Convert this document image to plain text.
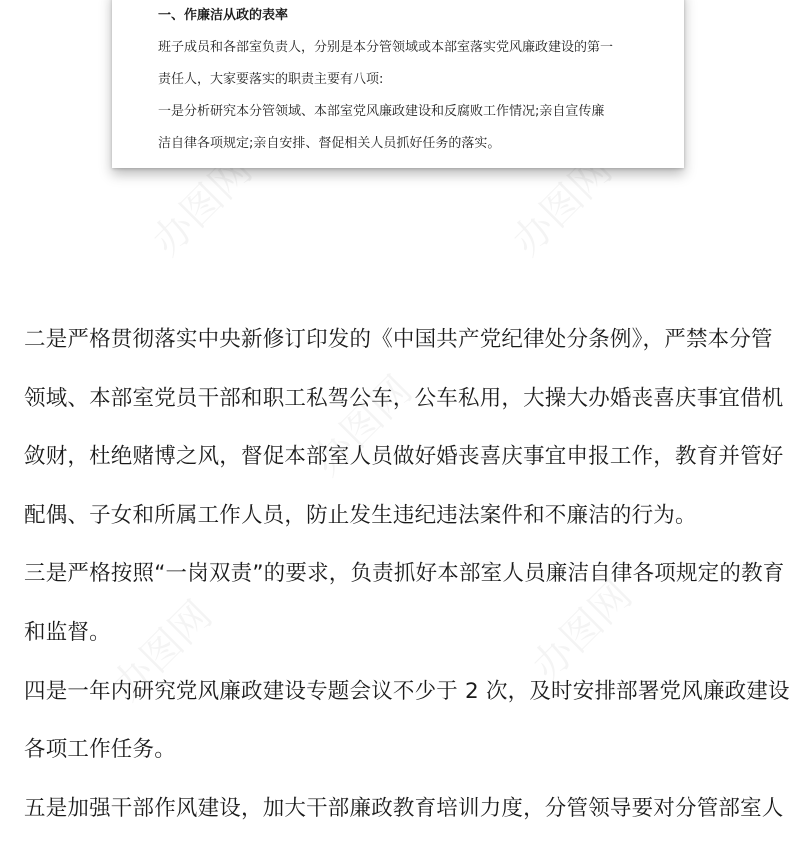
一、作廉洁从政的表率
班子成员和各部室负责人，分别是本分管领域或本部室落实党风廉政建设的第一
责任人，大家要落实的职责主要有八项:
一是分析研究本分管领域、本部室党风廉政建设和反腐败工作情况;亲自宣传廉
洁自律各项规定;亲自安排、督促相关人员抓好任务的落实。
二是严格贯彻落实中央新修订印发的《中国共产党纪律处分条例》，严禁本分管
领域、本部室党员干部和职工私驾公车，公车私用，大操大办婚丧喜庆事宜借机
敛财，杜绝赌博之风，督促本部室人员做好婚丧喜庆事宜申报工作，教育并管好
配偶、子女和所属工作人员，防止发生违纪违法案件和不廉洁的行为。
三是严格按照“一岗双责”的要求，负责抓好本部室人员廉洁自律各项规定的教育
和监督。
四是一年内研究党风廉政建设专题会议不少于 2 次，及时安排部署党风廉政建设
各项工作任务。
五是加强干部作风建设，加大干部廉政教育培训力度，分管领导要对分管部室人
